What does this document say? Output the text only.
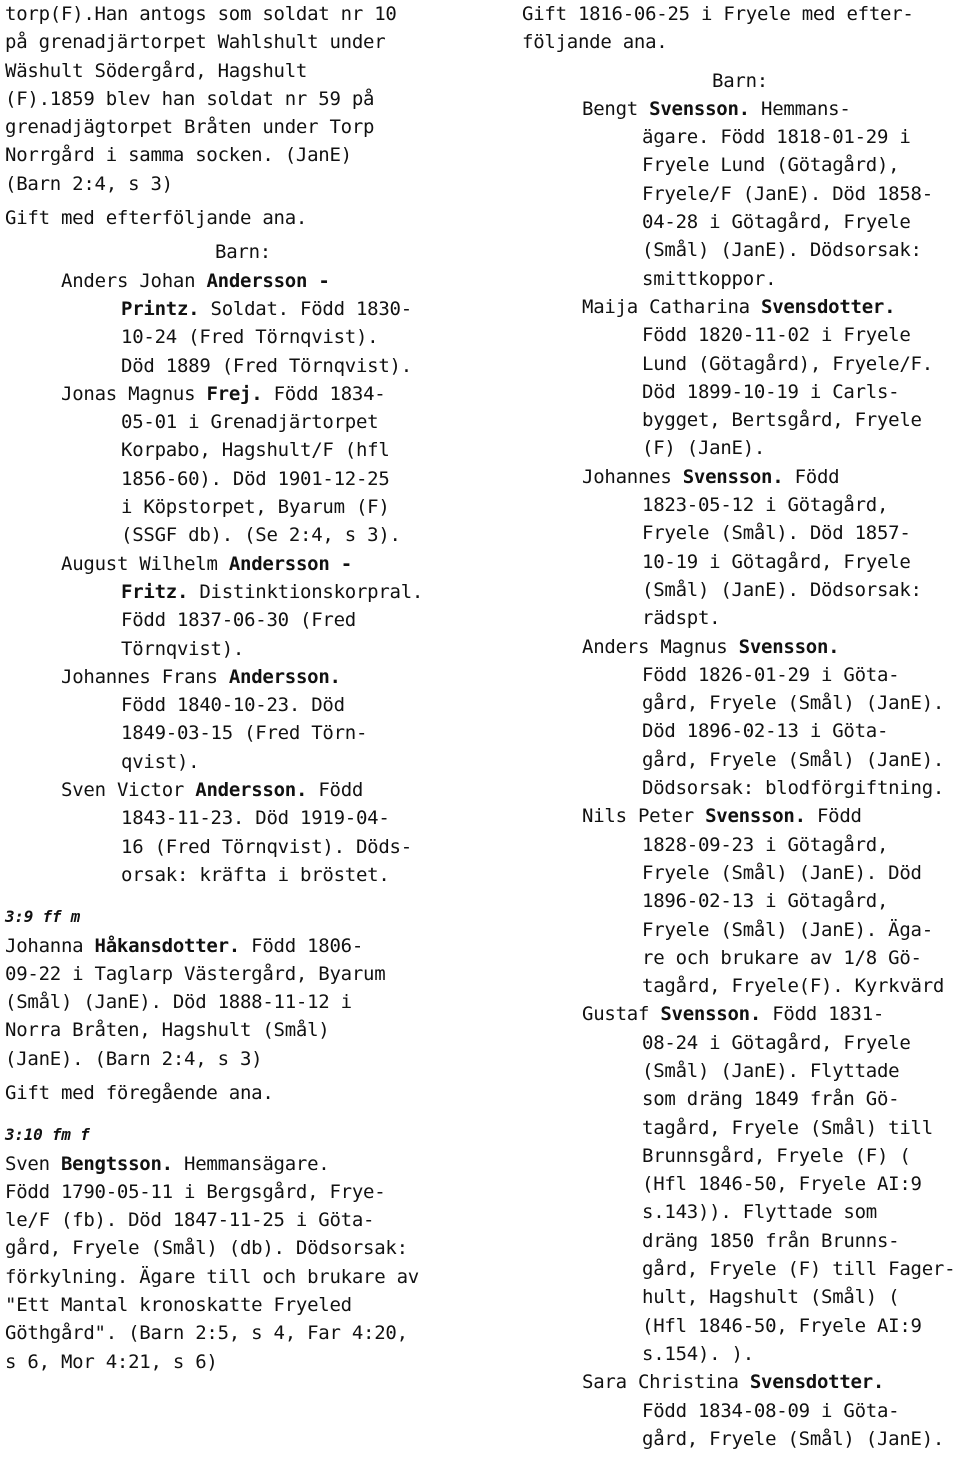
torp(F).Han antogs som soldat nr 10
på grenadjärtorpet Wahlshult under
Wäshult Södergård, Hagshult
(F).1859 blev han soldat nr 59 på
grenadjägtorpet Bråten under Torp
Norrgård i samma socken. (JanE)
(Barn 2:4, s 3)
Gift med efterföljande ana.
Barn:
Anders Johan Andersson -
Printz. Soldat. Född 1830-
10-24 (Fred Törnqvist).
Död 1889 (Fred Törnqvist).
Jonas Magnus Frej. Född 1834-
05-01 i Grenadjärtorpet
Korpabo, Hagshult/F (hfl
1856-60). Död 1901-12-25
i Köpstorpet, Byarum (F)
(SSGF db). (Se 2:4, s 3).
August Wilhelm Andersson -
Fritz. Distinktionskorpral.
Född 1837-06-30 (Fred
Törnqvist).
Johannes Frans Andersson.
Född 1840-10-23. Död
1849-03-15 (Fred Törn-
qvist).
Sven Victor Andersson. Född
1843-11-23. Död 1919-04-
16 (Fred Törnqvist). Döds-
orsak: kräfta i bröstet.
3:9 ff m
Johanna Håkansdotter. Född 1806-
09-22 i Taglarp Västergård, Byarum
(Smål) (JanE). Död 1888-11-12 i
Norra Bråten, Hagshult (Smål)
(JanE). (Barn 2:4, s 3)
Gift med föregående ana.
3:10 fm f
Sven Bengtsson. Hemmansägare.
Född 1790-05-11 i Bergsgård, Frye-
le/F (fb). Död 1847-11-25 i Göta-
gård, Fryele (Smål) (db). Dödsorsak:
förkylning. Ägare till och brukare av
"Ett Mantal kronoskatte Fryeled
Göthgård". (Barn 2:5, s 4, Far 4:20,
s 6, Mor 4:21, s 6)
Gift 1816-06-25 i Fryele med efter-
följande ana.
Barn:
Bengt Svensson. Hemmans-
ägare. Född 1818-01-29 i
Fryele Lund (Götagård),
Fryele/F (JanE). Död 1858-
04-28 i Götagård, Fryele
(Smål) (JanE). Dödsorsak:
smittkoppor.
Maija Catharina Svensdotter.
Född 1820-11-02 i Fryele
Lund (Götagård), Fryele/F.
Död 1899-10-19 i Carls-
bygget, Bertsgård, Fryele
(F) (JanE).
Johannes Svensson. Född
1823-05-12 i Götagård,
Fryele (Smål). Död 1857-
10-19 i Götagård, Fryele
(Smål) (JanE). Dödsorsak:
rädspt.
Anders Magnus Svensson.
Född 1826-01-29 i Göta-
gård, Fryele (Smål) (JanE).
Död 1896-02-13 i Göta-
gård, Fryele (Smål) (JanE).
Dödsorsak: blodförgiftning.
Nils Peter Svensson. Född
1828-09-23 i Götagård,
Fryele (Smål) (JanE). Död
1896-02-13 i Götagård,
Fryele (Smål) (JanE). Äga-
re och brukare av 1/8 Gö-
tagård, Fryele(F). Kyrkvärd
Gustaf Svensson. Född 1831-
08-24 i Götagård, Fryele
(Smål) (JanE). Flyttade
som dräng 1849 från Gö-
tagård, Fryele (Smål) till
Brunnsgård, Fryele (F) (
(Hfl 1846-50, Fryele AI:9
s.143)). Flyttade som
dräng 1850 från Brunns-
gård, Fryele (F) till Fager-
hult, Hagshult (Smål) (
(Hfl 1846-50, Fryele AI:9
s.154). ).
Sara Christina Svensdotter.
Född 1834-08-09 i Göta-
gård, Fryele (Smål) (JanE).
